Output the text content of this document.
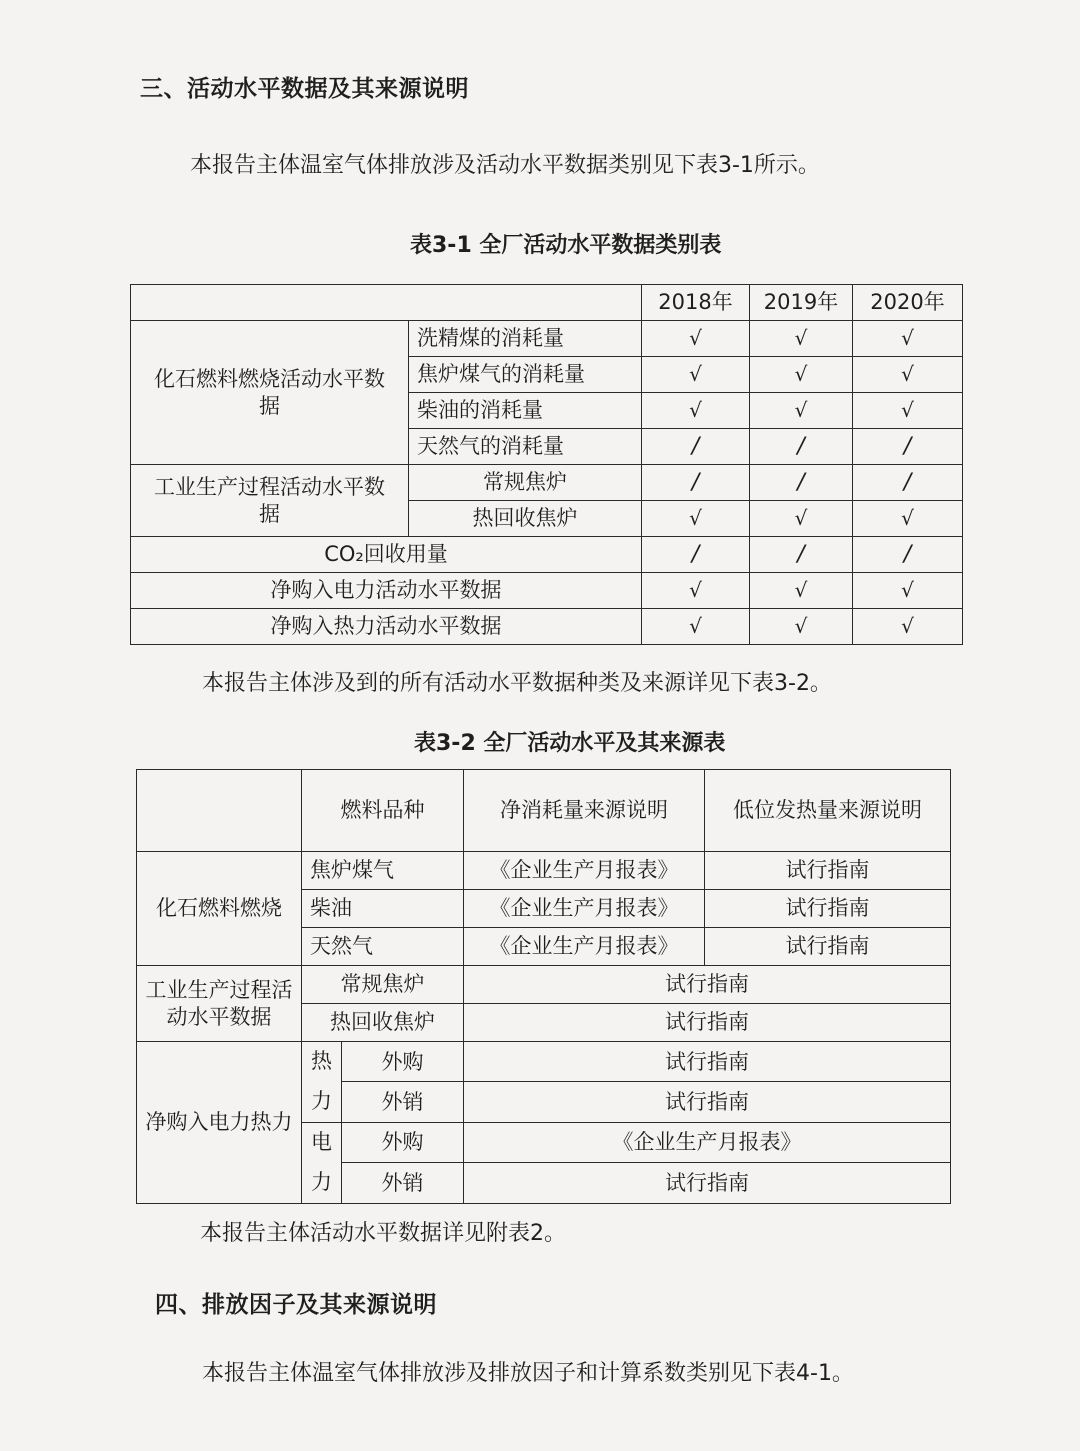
三、活动水平数据及其来源说明
本报告主体温室气体排放涉及活动水平数据类别见下表3-1所示。
表3-1 全厂活动水平数据类别表
		2018年	2019年	2020年
化石燃料燃烧活动水平数据	洗精煤的消耗量	√	√	√
	焦炉煤气的消耗量	√	√	√
	柴油的消耗量	√	√	√
	天然气的消耗量	/	/	/
工业生产过程活动水平数据	常规焦炉	/	/	/
	热回收焦炉	√	√	√
CO₂回收用量		/	/	/
净购入电力活动水平数据		√	√	√
净购入热力活动水平数据		√	√	√
本报告主体涉及到的所有活动水平数据种类及来源详见下表3-2。
表3-2 全厂活动水平及其来源表
	燃料品种		净消耗量来源说明	低位发热量来源说明
化石燃料燃烧	焦炉煤气		《企业生产月报表》	试行指南
	柴油		《企业生产月报表》	试行指南
	天然气		《企业生产月报表》	试行指南
工业生产过程活动水平数据	常规焦炉		试行指南	
	热回收焦炉		试行指南	
净购入电力热力	热力	外购	试行指南	
		外销	试行指南	
	电力	外购	《企业生产月报表》	
		外销	试行指南	
本报告主体活动水平数据详见附表2。
四、排放因子及其来源说明
本报告主体温室气体排放涉及排放因子和计算系数类别见下表4-1。
